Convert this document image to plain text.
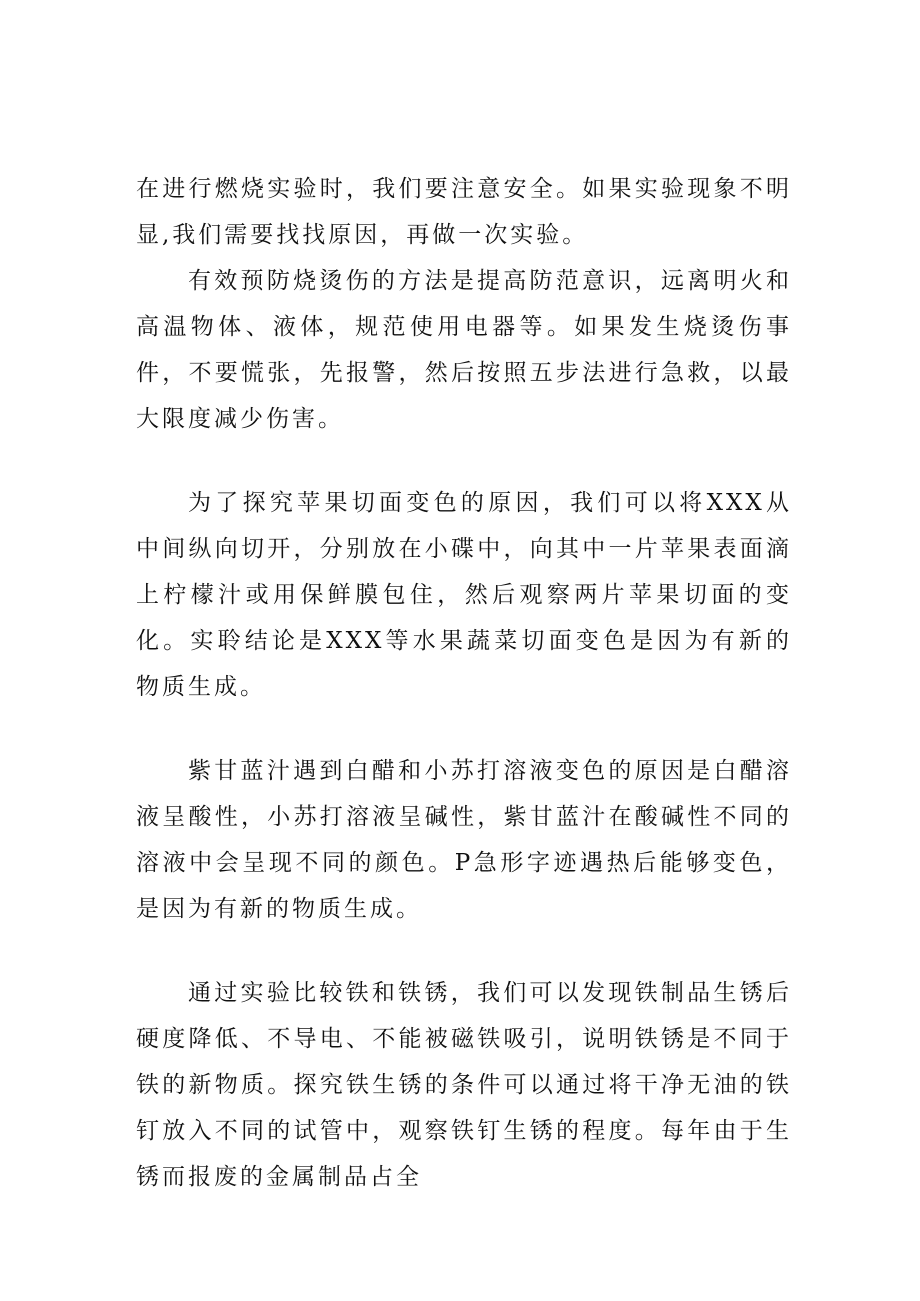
在进行燃烧实验时，我们要注意安全。如果实验现象不明显,我们需要找找原因，再做一次实验。

有效预防烧烫伤的方法是提高防范意识，远离明火和高温物体、液体，规范使用电器等。如果发生烧烫伤事件，不要慌张，先报警，然后按照五步法进行急救，以最大限度减少伤害。

为了探究苹果切面变色的原因，我们可以将XXX从中间纵向切开，分别放在小碟中，向其中一片苹果表面滴上柠檬汁或用保鲜膜包住，然后观察两片苹果切面的变化。实聆结论是XXX等水果蔬菜切面变色是因为有新的物质生成。

紫甘蓝汁遇到白醋和小苏打溶液变色的原因是白醋溶液呈酸性，小苏打溶液呈碱性，紫甘蓝汁在酸碱性不同的溶液中会呈现不同的颜色。P急形字迹遇热后能够变色，是因为有新的物质生成。

通过实验比较铁和铁锈，我们可以发现铁制品生锈后硬度降低、不导电、不能被磁铁吸引，说明铁锈是不同于铁的新物质。探究铁生锈的条件可以通过将干净无油的铁钉放入不同的试管中，观察铁钉生锈的程度。每年由于生锈而报废的金属制品占全
